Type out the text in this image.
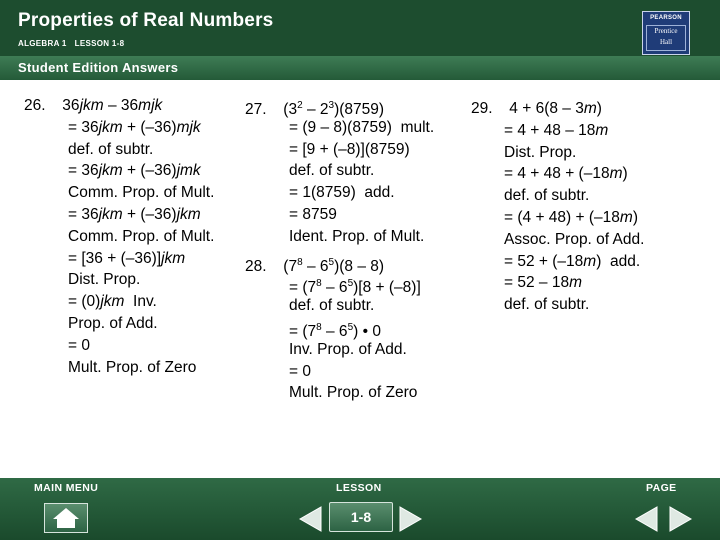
Properties of Real Numbers
ALGEBRA 1 LESSON 1-8
PEARSON
Prentice
Hall
Student Edition Answers
26. 36jkm – 36mjk
= 36jkm + (–36)mjk
def. of subtr.
= 36jkm + (–36)jmk
Comm. Prop. of Mult.
= 36jkm + (–36)jkm
Comm. Prop. of Mult.
= [36 + (–36)]jkm
Dist. Prop.
= (0)jkm  Inv.
Prop. of Add.
= 0
Mult. Prop. of Zero
27. $(3^2 - 2^3)(8759)$
= (9 – 8)(8759)  mult.
= [9 + (–8)](8759)
def. of subtr.
= 1(8759)  add.
= 8759
Ident. Prop. of Mult.
28. $(7^8 - 6^5)(8 - 8)$
= $(7^8 - 6^5)[8 + (-8)]$
def. of subtr.
= $(7^8 - 6^5)$ • 0
Inv. Prop. of Add.
= 0
Mult. Prop. of Zero
29. 4 + 6(8 – 3m)
= 4 + 48 – 18m
Dist. Prop.
= 4 + 48 + (–18m)
def. of subtr.
= (4 + 48) + (–18m)
Assoc. Prop. of Add.
= 52 + (–18m)  add.
= 52 – 18m
def. of subtr.
MAIN MENU	LESSON	PAGE
1-8
